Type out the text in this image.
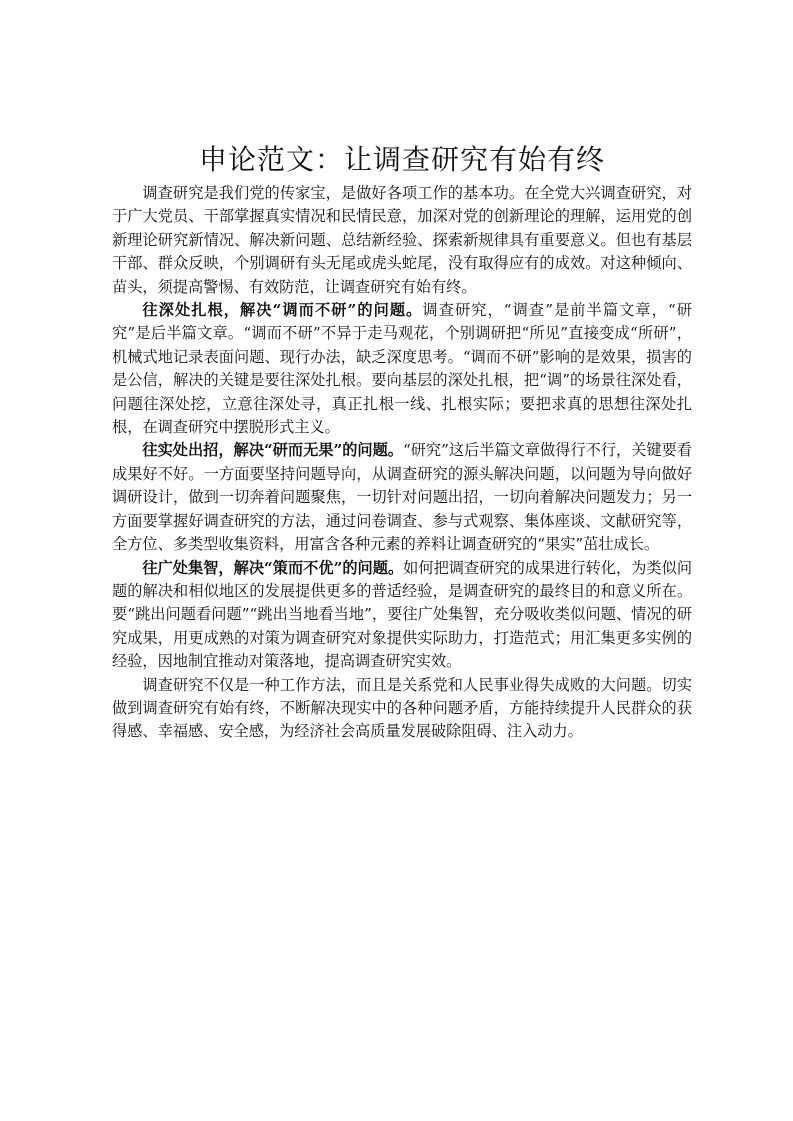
申论范文：让调查研究有始有终

调查研究是我们党的传家宝，是做好各项工作的基本功。在全党大兴调查研究，对于广大党员、干部掌握真实情况和民情民意，加深对党的创新理论的理解，运用党的创新理论研究新情况、解决新问题、总结新经验、探索新规律具有重要意义。但也有基层干部、群众反映，个别调研有头无尾或虎头蛇尾，没有取得应有的成效。对这种倾向、苗头，须提高警惕、有效防范，让调查研究有始有终。

往深处扎根，解决“调而不研”的问题。调查研究，“调查”是前半篇文章，“研究”是后半篇文章。“调而不研”不异于走马观花，个别调研把“所见”直接变成“所研”，机械式地记录表面问题、现行办法，缺乏深度思考。“调而不研”影响的是效果，损害的是公信，解决的关键是要往深处扎根。要向基层的深处扎根，把“调”的场景往深处看，问题往深处挖，立意往深处寻，真正扎根一线、扎根实际；要把求真的思想往深处扎根，在调查研究中摆脱形式主义。

往实处出招，解决“研而无果”的问题。“研究”这后半篇文章做得行不行，关键要看成果好不好。一方面要坚持问题导向，从调查研究的源头解决问题，以问题为导向做好调研设计，做到一切奔着问题聚焦，一切针对问题出招，一切向着解决问题发力；另一方面要掌握好调查研究的方法，通过问卷调查、参与式观察、集体座谈、文献研究等，全方位、多类型收集资料，用富含各种元素的养料让调查研究的“果实”茁壮成长。

往广处集智，解决“策而不优”的问题。如何把调查研究的成果进行转化，为类似问题的解决和相似地区的发展提供更多的普适经验，是调查研究的最终目的和意义所在。要“跳出问题看问题”“跳出当地看当地”，要往广处集智，充分吸收类似问题、情况的研究成果，用更成熟的对策为调查研究对象提供实际助力，打造范式；用汇集更多实例的经验，因地制宜推动对策落地，提高调查研究实效。

调查研究不仅是一种工作方法，而且是关系党和人民事业得失成败的大问题。切实做到调查研究有始有终，不断解决现实中的各种问题矛盾，方能持续提升人民群众的获得感、幸福感、安全感，为经济社会高质量发展破除阻碍、注入动力。
